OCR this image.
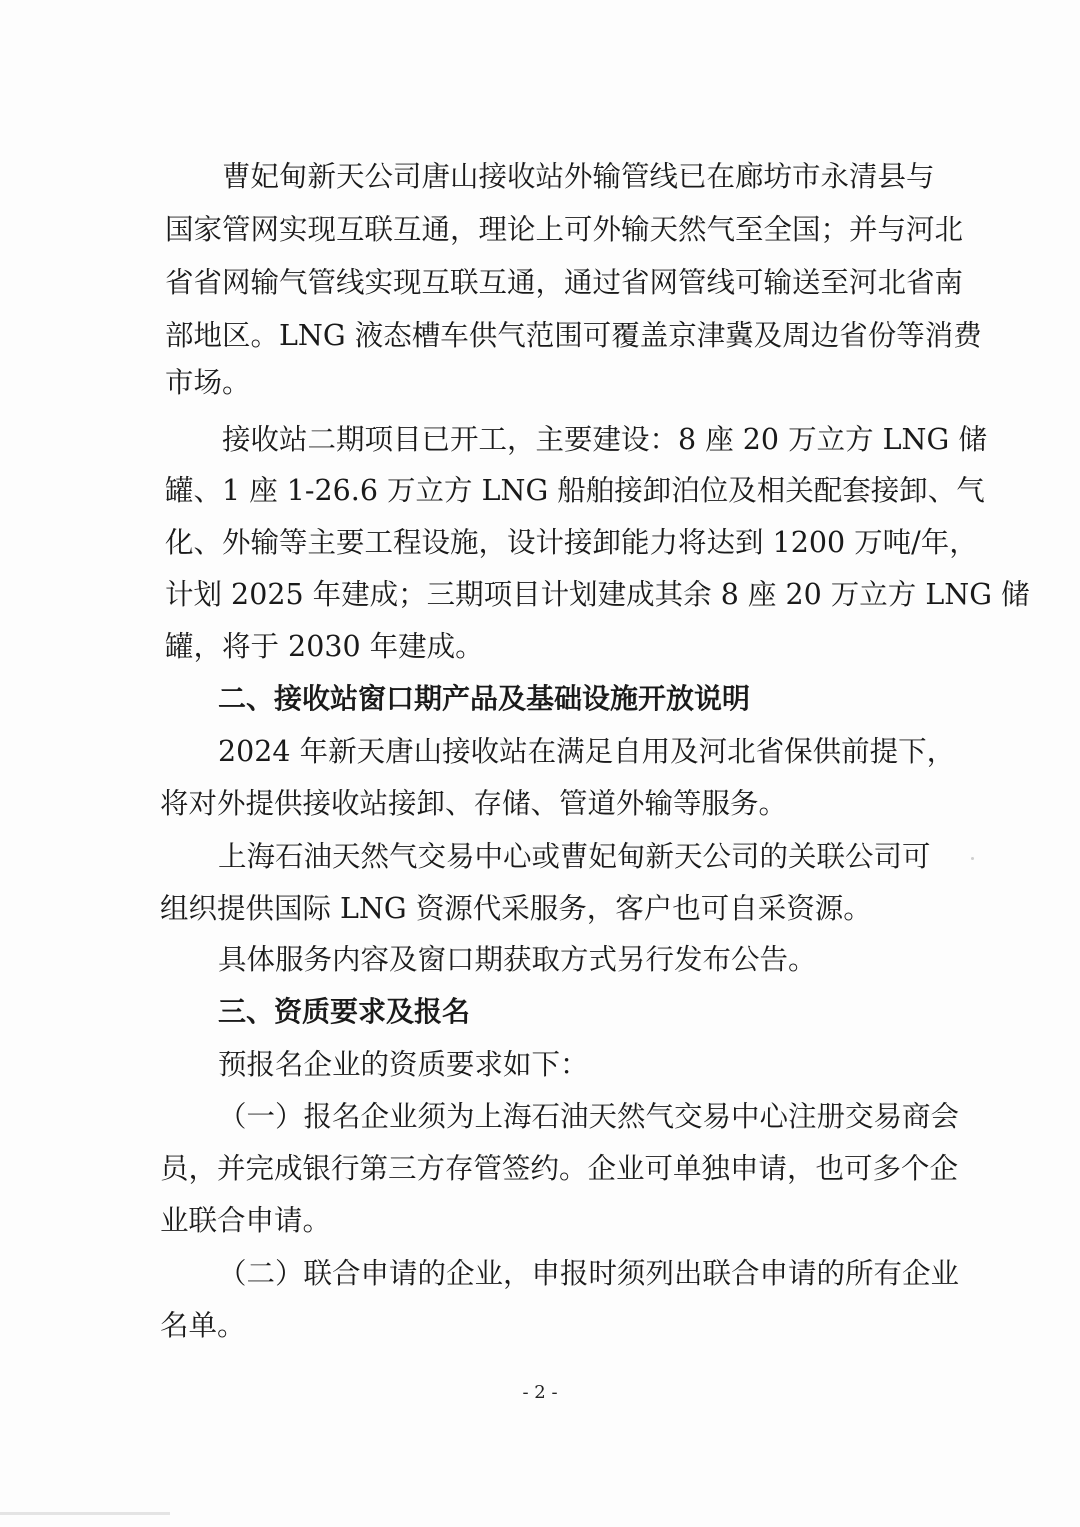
曹妃甸新天公司唐山接收站外输管线已在廊坊市永清县与
国家管网实现互联互通，理论上可外输天然气至全国；并与河北
省省网输气管线实现互联互通，通过省网管线可输送至河北省南
部地区。LNG 液态槽车供气范围可覆盖京津冀及周边省份等消费
市场。
接收站二期项目已开工，主要建设：8 座 20 万立方 LNG 储
罐、1 座 1-26.6 万立方 LNG 船舶接卸泊位及相关配套接卸、气
化、外输等主要工程设施，设计接卸能力将达到 1200 万吨/年，
计划 2025 年建成；三期项目计划建成其余 8 座 20 万立方 LNG 储
罐，将于 2030 年建成。
二、接收站窗口期产品及基础设施开放说明
2024 年新天唐山接收站在满足自用及河北省保供前提下，
将对外提供接收站接卸、存储、管道外输等服务。
上海石油天然气交易中心或曹妃甸新天公司的关联公司可
组织提供国际 LNG 资源代采服务，客户也可自采资源。
具体服务内容及窗口期获取方式另行发布公告。
三、资质要求及报名
预报名企业的资质要求如下：
（一）报名企业须为上海石油天然气交易中心注册交易商会
员，并完成银行第三方存管签约。企业可单独申请，也可多个企
业联合申请。
（二）联合申请的企业，申报时须列出联合申请的所有企业
名单。
- 2 -
